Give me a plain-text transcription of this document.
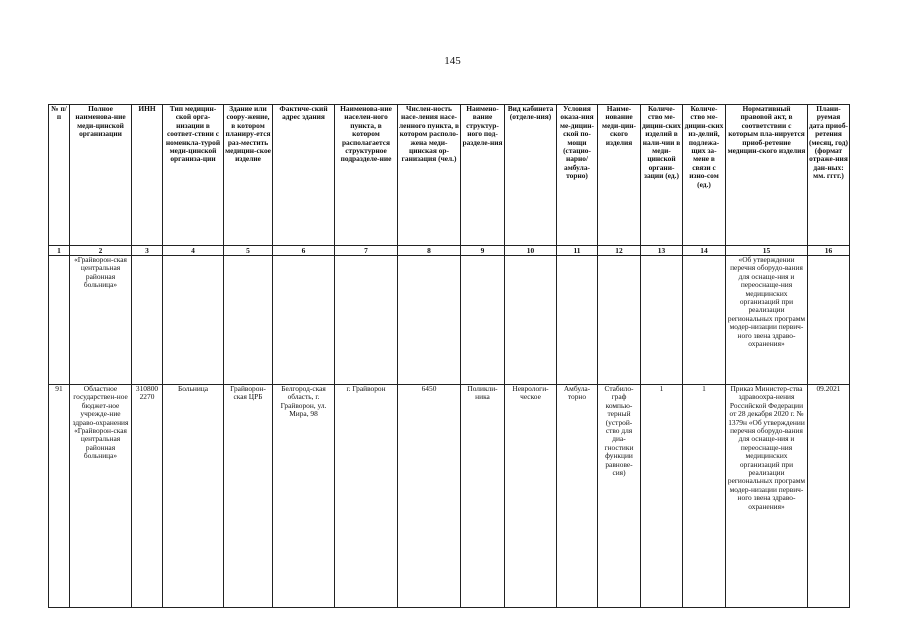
145
№ п/п	Полное наименова-ние меди-цинской организации	ИНН	Тип медицин-ской орга-низации в соответ-ствии с номенкла-турой меди-цинской организа-ции	Здание или соору-жение, в котором планиру-ется раз-местить медицин-ское изделие	Фактиче-ский адрес здания	Наименова-ние населен-ного пункта, в котором располагается структурное подразделе-ние	Числен-ность насе-ления насе-ленного пункта, в котором располо-жена меди-цинская ор-ганизация (чел.)	Наимено-вание структур-ного под-разделе-ния	Вид кабинета (отделе-ния)	Условия оказа-ния ме-дицин-ской по-мощи (стацио-нарно/ амбула-торно)	Наиме-нование меди-цин-ского изделия	Количе-ство ме-дицин-ских изделий в нали-чии в меди-цинской органи-зации (ед.)	Количе-ство ме-дицин-ских из-делий, подлежа-щих за-мене в связи с изно-сом (ед.)	Нормативный правовой акт, в соответствии с которым пла-нируется приоб-ретение медицин-ского изделия	Плани-руемая дата приоб-ретения (месяц, год) (формат отраже-ния дан-ных: мм. гггг.)
1	2	3	4	5	6	7	8	9	10	11	12	13	14	15	16
	«Грайворон-ская центральная районная больница»													«Об утверждении перечня оборудо-вания для оснаще-ния и переоснаще-ния медицинских организаций при реализации региональных программ модер-низации первич-ного звена здраво-охранения»	
91	Областное государствен-ное бюджет-ное учрежде-ние здраво-охранения «Грайворон-ская центральная районная больница»	310800 2270	Больница	Грайворон-ская ЦРБ	Белгород-ская область, г. Грайворон, ул. Мира, 98	г. Грайворон	6450	Поликли-ника	Неврологи-ческое	Амбула-торно	Стабило-граф компью-терный (устрой-ство для диа-гностики функции равнове-сия)	1	1	Приказ Министер-ства здравоохра-нения Российской Федерации от 28 декабря 2020 г. № 1379н «Об утверждении перечня оборудо-вания для оснаще-ния и переоснаще-ния медицинских организаций при реализации региональных программ модер-низации первич-ного звена здраво-охранения»	09.2021
